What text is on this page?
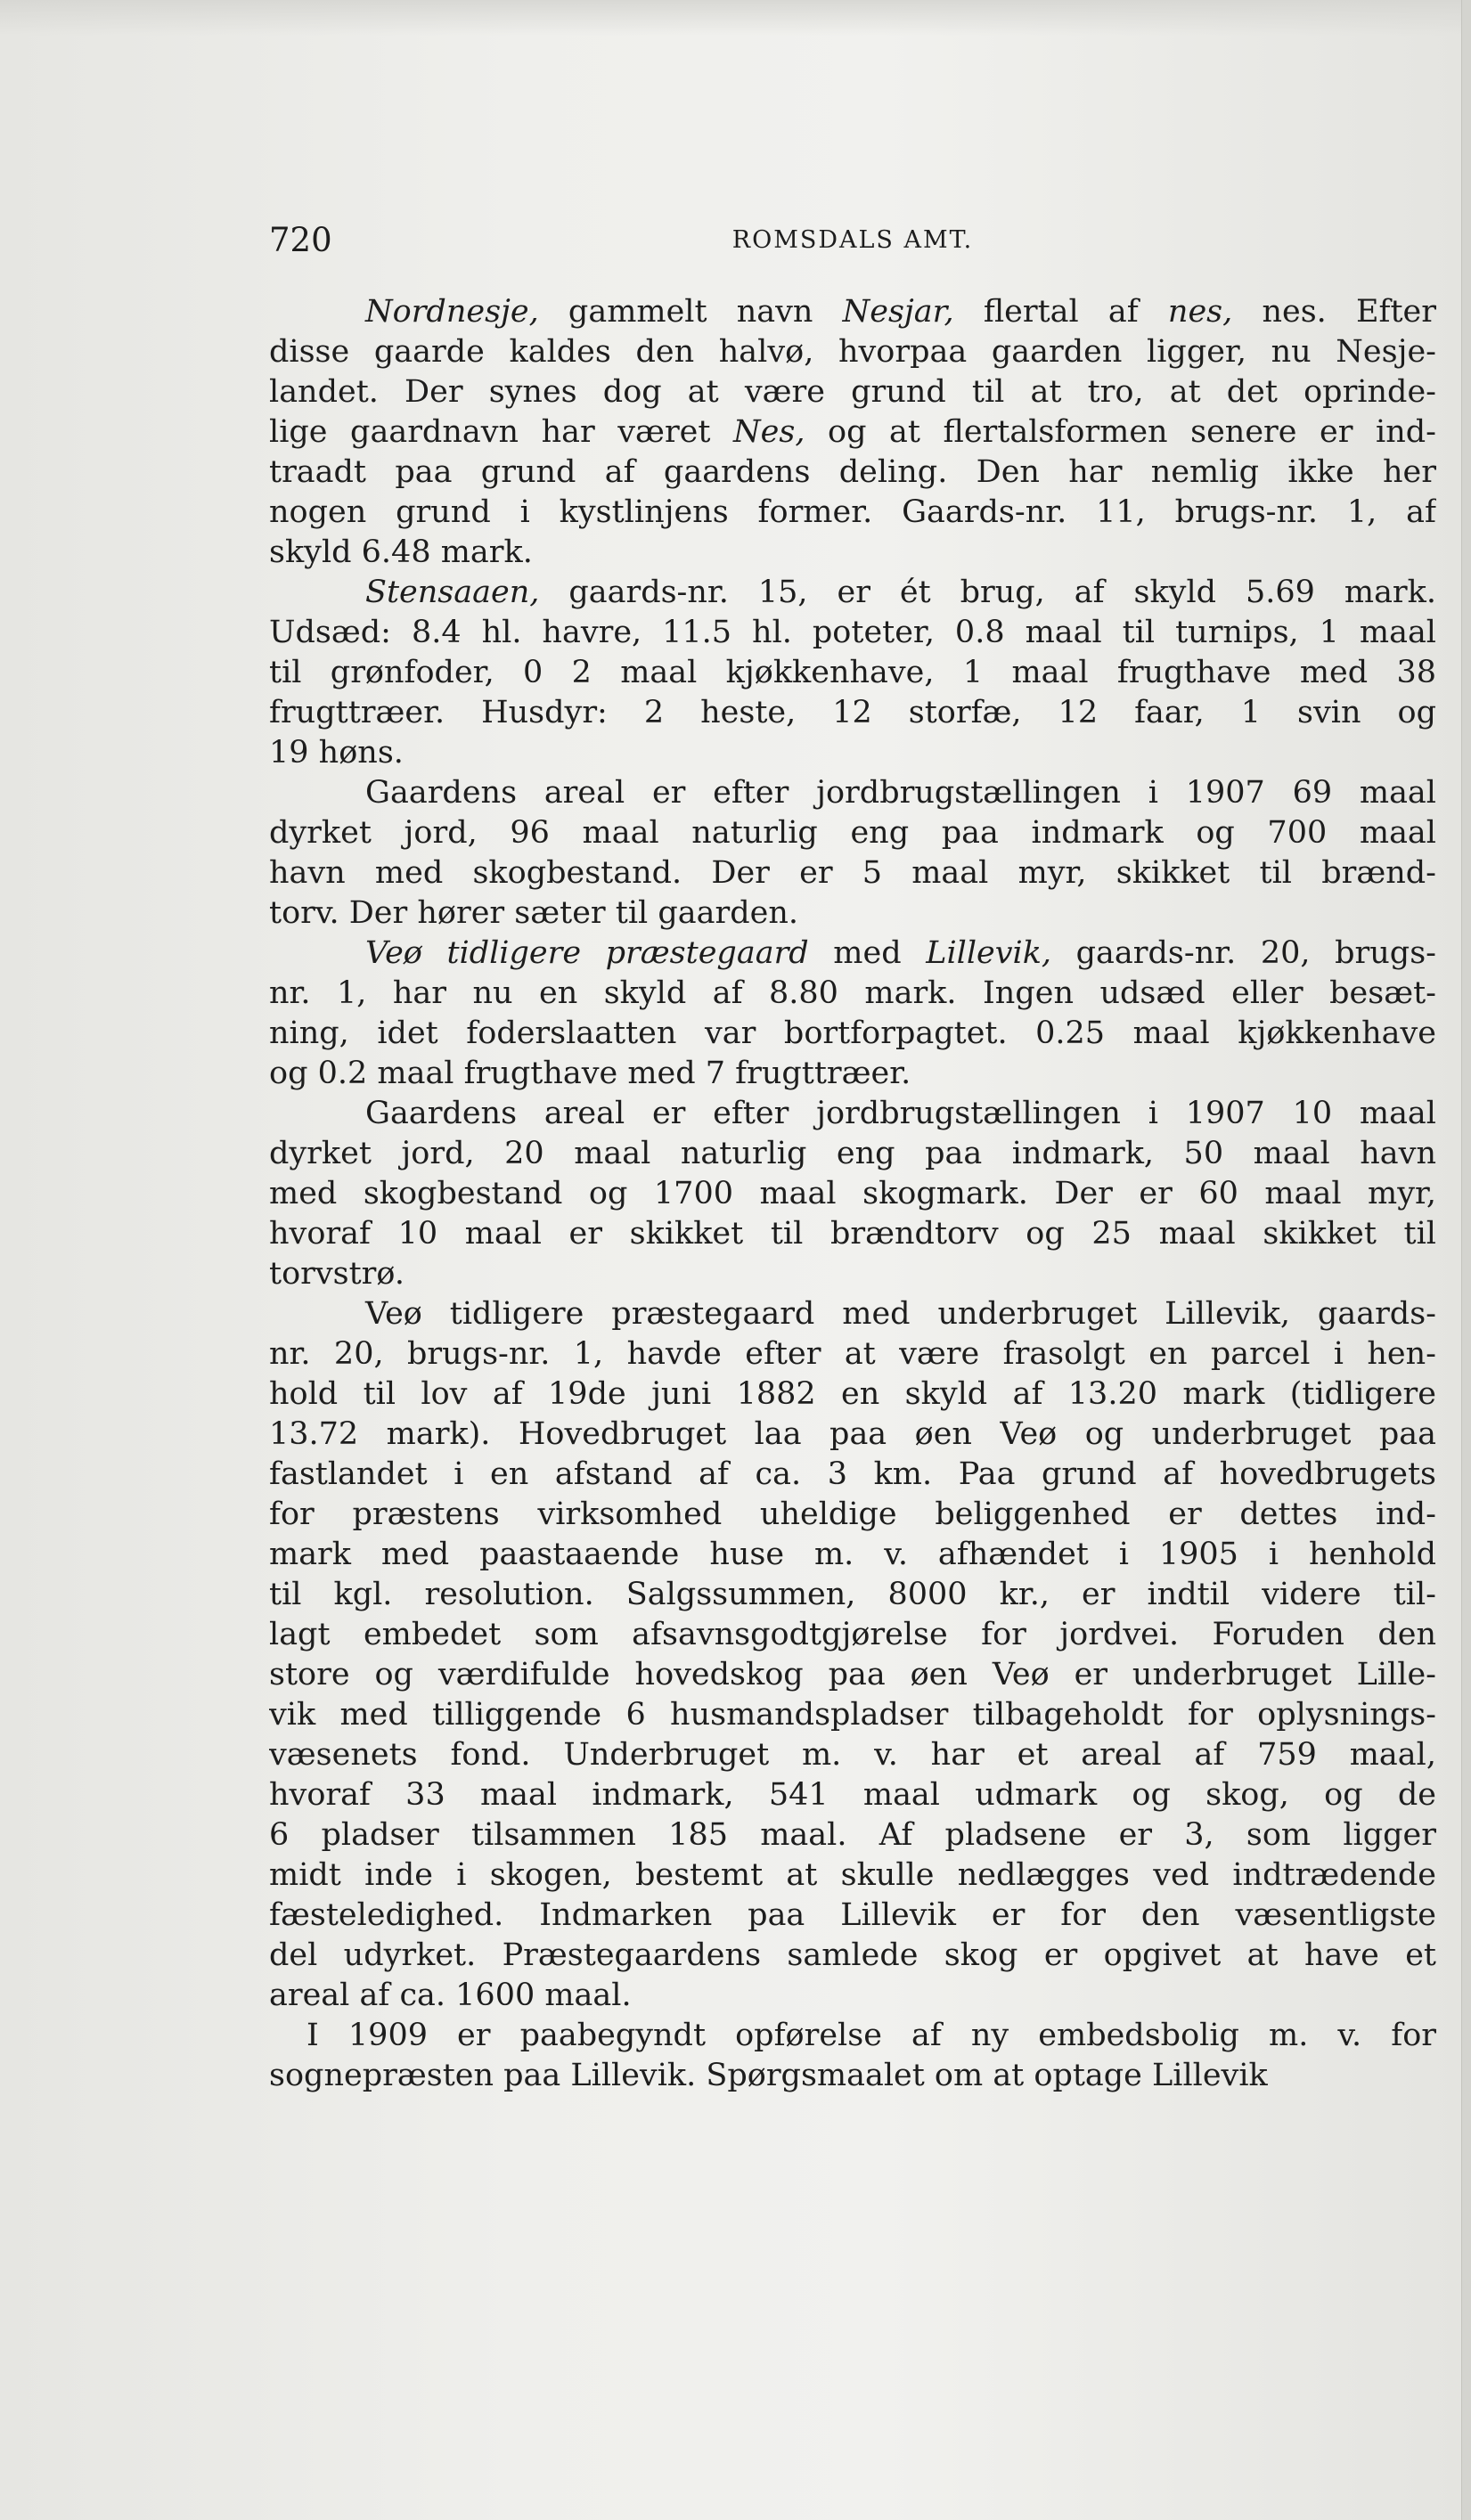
720	ROMSDALS AMT.
Nordnesje, gammelt navn Nesjar, flertal af nes, nes. Efter
disse gaarde kaldes den halvø, hvorpaa gaarden ligger, nu Nesje-
landet. Der synes dog at være grund til at tro, at det oprinde-
lige gaardnavn har været Nes, og at flertalsformen senere er ind-
traadt paa grund af gaardens deling. Den har nemlig ikke her
nogen grund i kystlinjens former. Gaards-nr. 11, brugs-nr. 1, af
skyld 6.48 mark.
Stensaaen, gaards-nr. 15, er ét brug, af skyld 5.69 mark.
Udsæd: 8.4 hl. havre, 11.5 hl. poteter, 0.8 maal til turnips, 1 maal
til grønfoder, 0 2 maal kjøkkenhave, 1 maal frugthave med 38
frugttræer. Husdyr: 2 heste, 12 storfæ, 12 faar, 1 svin og
19 høns.
Gaardens areal er efter jordbrugstællingen i 1907 69 maal
dyrket jord, 96 maal naturlig eng paa indmark og 700 maal
havn med skogbestand. Der er 5 maal myr, skikket til brænd-
torv. Der hører sæter til gaarden.
Veø tidligere præstegaard med Lillevik, gaards-nr. 20, brugs-
nr. 1, har nu en skyld af 8.80 mark. Ingen udsæd eller besæt-
ning, idet foderslaatten var bortforpagtet. 0.25 maal kjøkkenhave
og 0.2 maal frugthave med 7 frugttræer.
Gaardens areal er efter jordbrugstællingen i 1907 10 maal
dyrket jord, 20 maal naturlig eng paa indmark, 50 maal havn
med skogbestand og 1700 maal skogmark. Der er 60 maal myr,
hvoraf 10 maal er skikket til brændtorv og 25 maal skikket til
torvstrø.
Veø tidligere præstegaard med underbruget Lillevik, gaards-
nr. 20, brugs-nr. 1, havde efter at være frasolgt en parcel i hen-
hold til lov af 19de juni 1882 en skyld af 13.20 mark (tidligere
13.72 mark). Hovedbruget laa paa øen Veø og underbruget paa
fastlandet i en afstand af ca. 3 km. Paa grund af hovedbrugets
for præstens virksomhed uheldige beliggenhed er dettes ind-
mark med paastaaende huse m. v. afhændet i 1905 i henhold
til kgl. resolution. Salgssummen, 8000 kr., er indtil videre til-
lagt embedet som afsavnsgodtgjørelse for jordvei. Foruden den
store og værdifulde hovedskog paa øen Veø er underbruget Lille-
vik med tilliggende 6 husmandspladser tilbageholdt for oplysnings-
væsenets fond. Underbruget m. v. har et areal af 759 maal,
hvoraf 33 maal indmark, 541 maal udmark og skog, og de
6 pladser tilsammen 185 maal. Af pladsene er 3, som ligger
midt inde i skogen, bestemt at skulle nedlægges ved indtrædende
fæsteledighed. Indmarken paa Lillevik er for den væsentligste
del udyrket. Præstegaardens samlede skog er opgivet at have et
areal af ca. 1600 maal.
I 1909 er paabegyndt opførelse af ny embedsbolig m. v. for
sognepræsten paa Lillevik. Spørgsmaalet om at optage Lillevik
